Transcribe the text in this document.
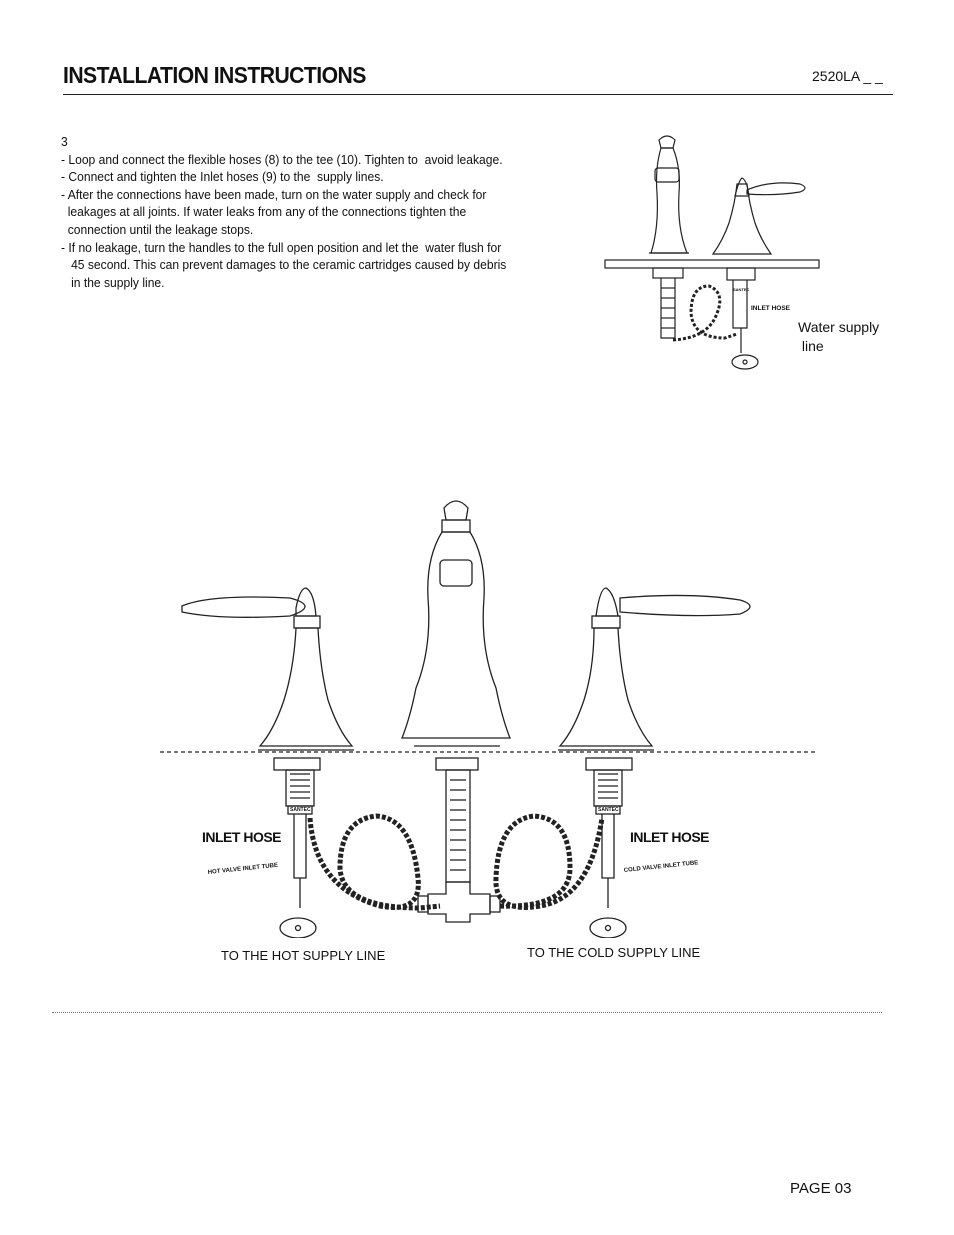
INSTALLATION INSTRUCTIONS	2520LA _ _
3
- Loop and connect the flexible hoses (8) to the tee (10). Tighten to  avoid leakage.
- Connect and tighten the Inlet hoses (9) to the  supply lines.
- After the connections have been made, turn on the water supply and check for
leakages at all joints. If water leaks from any of the connections tighten the
connection until the leakage stops.
- If no leakage, turn the handles to the full open position and let the  water flush for
45 second. This can prevent damages to the ceramic cartridges caused by debris
in the supply line.
INLET HOSE
SANTEC
Water supply
line
INLET HOSE	INLET HOSE
HOT VALVE INLET TUBE	COLD VALVE INLET TUBE
SANTEC	SANTEC
TO THE HOT SUPPLY LINE	TO THE COLD SUPPLY LINE
PAGE 03
